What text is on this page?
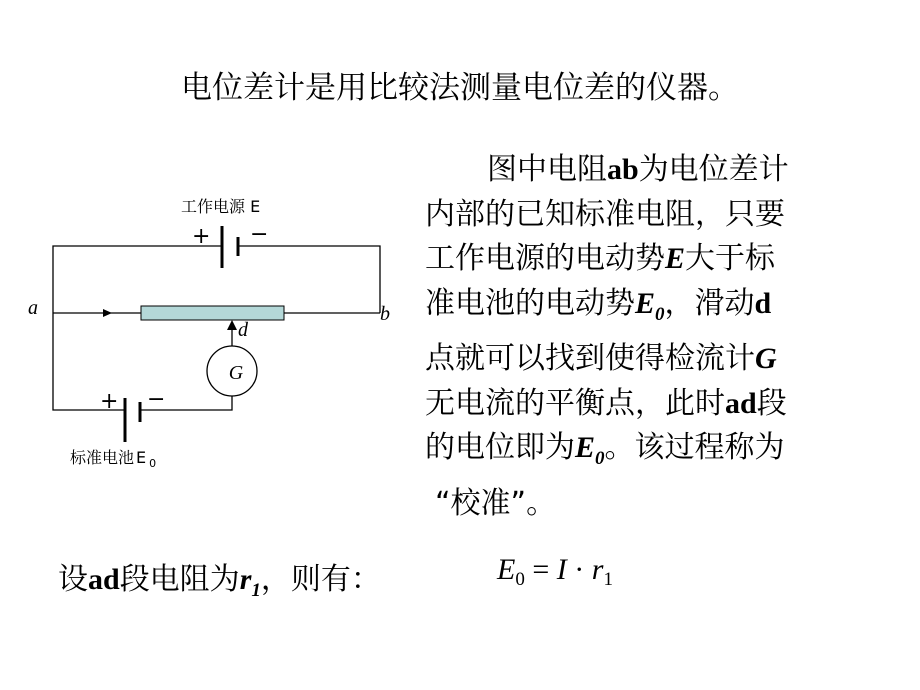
电位差计是用比较法测量电位差的仪器。
图中电阻ab为电位差计
内部的已知标准电阻，只要
工作电源的电动势E大于标
准电池的电动势$E_0$，滑动d
点就可以找到使得检流计G
无电流的平衡点，此时ad段
的电位即为$E_0$。该过程称为
“校准”。
设ad段电阻为$r_1$，则有：	$E_0 = I \cdot r_1$
G
工作电源 E
+ −
a	b
d
+ −
标准电池 E $_0$
